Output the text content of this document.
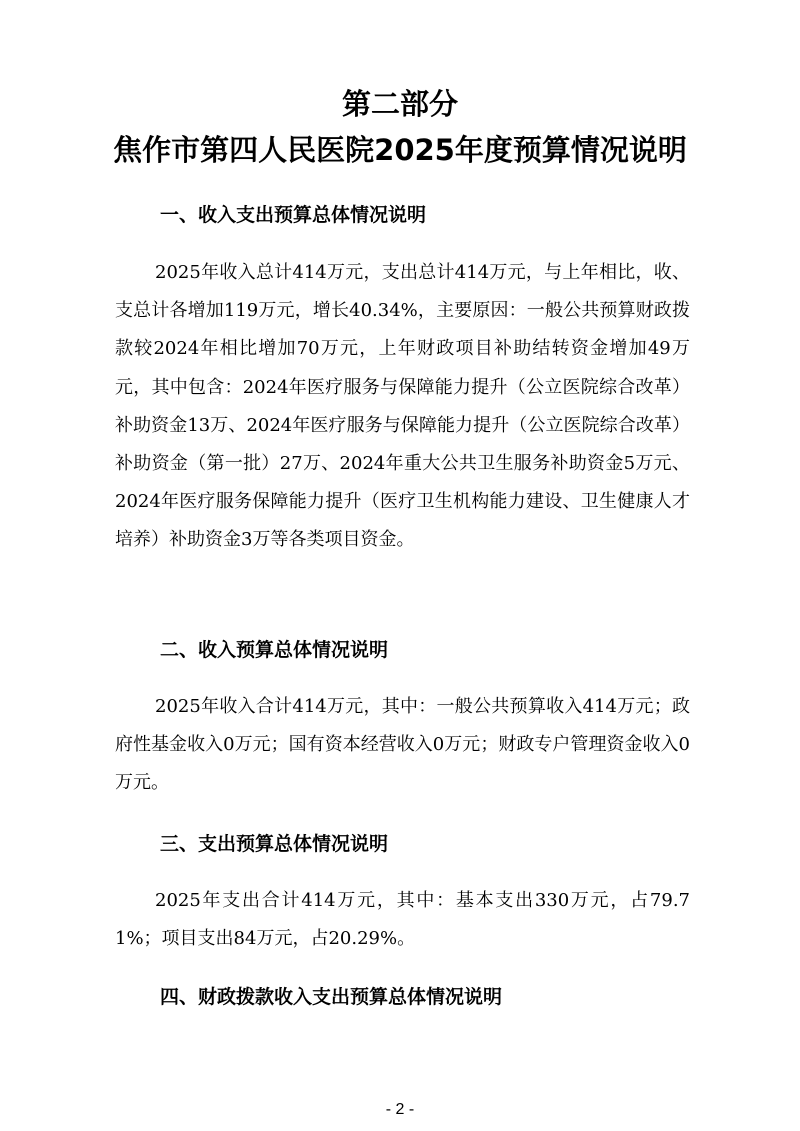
第二部分
焦作市第四人民医院2025年度预算情况说明
一、收入支出预算总体情况说明
2025年收入总计414万元，支出总计414万元，与上年相比，收、支总计各增加119万元，增长40.34%，主要原因：一般公共预算财政拨款较2024年相比增加70万元，上年财政项目补助结转资金增加49万元，其中包含：2024年医疗服务与保障能力提升（公立医院综合改革）补助资金13万、2024年医疗服务与保障能力提升（公立医院综合改革）补助资金（第一批）27万、2024年重大公共卫生服务补助资金5万元、2024年医疗服务保障能力提升（医疗卫生机构能力建设、卫生健康人才培养）补助资金3万等各类项目资金。
二、收入预算总体情况说明
2025年收入合计414万元，其中：一般公共预算收入414万元；政府性基金收入0万元；国有资本经营收入0万元；财政专户管理资金收入0万元。
三、支出预算总体情况说明
2025年支出合计414万元，其中：基本支出330万元，占79.71%；项目支出84万元，占20.29%。
四、财政拨款收入支出预算总体情况说明
- 2 -
